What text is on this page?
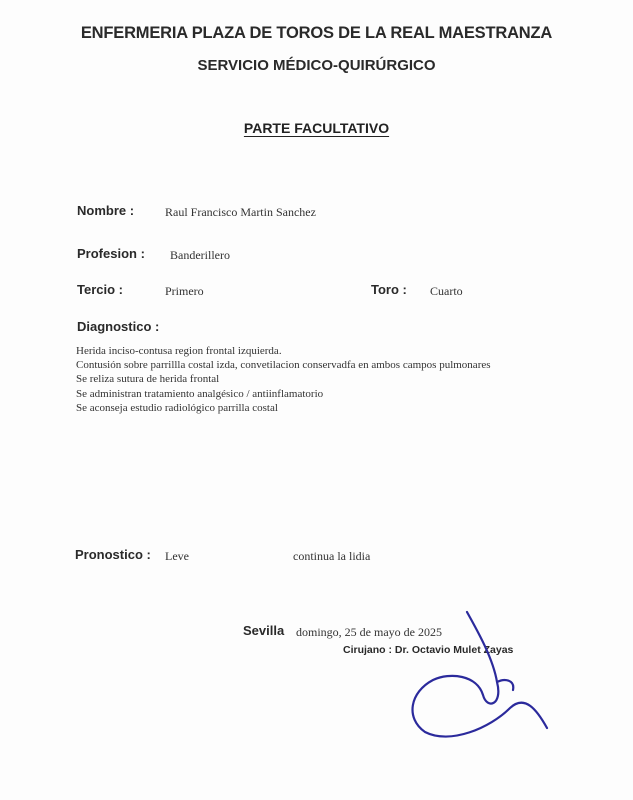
ENFERMERIA PLAZA DE TOROS DE LA REAL MAESTRANZA
SERVICIO MÉDICO-QUIRÚRGICO
PARTE FACULTATIVO
Nombre :	Raul Francisco Martin Sanchez
Profesion : Banderillero
Tercio :	Primero	Toro : Cuarto
Diagnostico :
Herida inciso-contusa region frontal izquierda.
Contusión sobre parrillla costal izda, convetilacion conservadfa en ambos campos pulmonares
Se reliza sutura de herida frontal
Se administran tratamiento analgésico / antiinflamatorio
Se aconseja estudio radiológico parrilla costal
Pronostico : Leve	continua la lidia
Sevilla domingo, 25 de mayo de 2025
Cirujano : Dr. Octavio Mulet Zayas
